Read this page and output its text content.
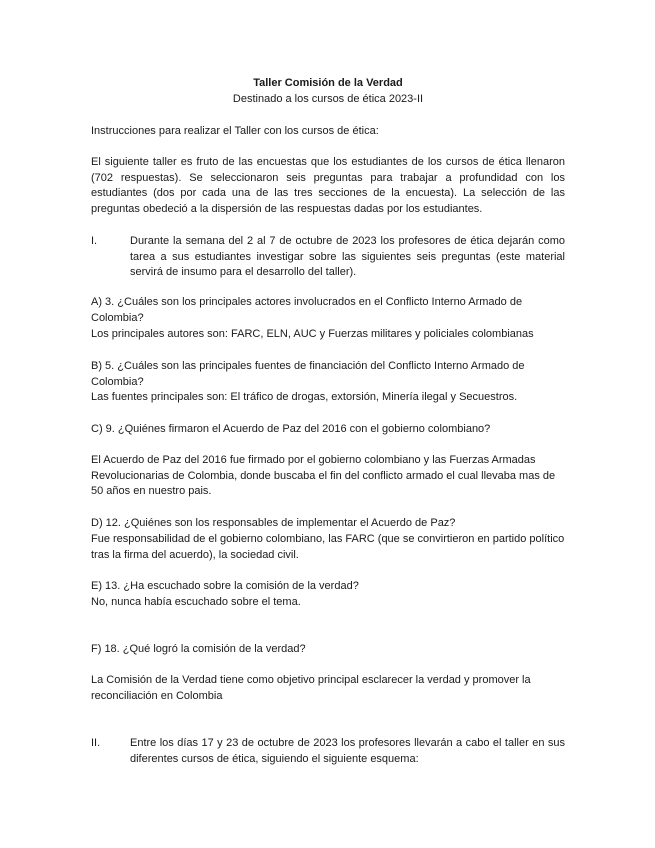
Taller Comisión de la Verdad
Destinado a los cursos de ética 2023-II
Instrucciones para realizar el Taller con los cursos de ética:

El siguiente taller es fruto de las encuestas que los estudiantes de los cursos de ética llenaron (702 respuestas). Se seleccionaron seis preguntas para trabajar a profundidad con los estudiantes (dos por cada una de las tres secciones de la encuesta). La selección de las preguntas obedeció a la dispersión de las respuestas dadas por los estudiantes.

I.	Durante la semana del 2 al 7 de octubre de 2023 los profesores de ética dejarán como tarea a sus estudiantes investigar sobre las siguientes seis preguntas (este material servirá de insumo para el desarrollo del taller).

A) 3. ¿Cuáles son los principales actores involucrados en el Conflicto Interno Armado de Colombia?
Los principales autores son: FARC, ELN, AUC y Fuerzas militares y policiales colombianas
B) 5. ¿Cuáles son las principales fuentes de financiación del Conflicto Interno Armado de Colombia?
Las fuentes principales son: El tráfico de drogas, extorsión, Minería ilegal y Secuestros.
C) 9. ¿Quiénes firmaron el Acuerdo de Paz del 2016 con el gobierno colombiano?
El Acuerdo de Paz del 2016 fue firmado por el gobierno colombiano y las Fuerzas Armadas Revolucionarias de Colombia, donde buscaba el fin del conflicto armado el cual llevaba mas de 50 años en nuestro pais.
D) 12. ¿Quiénes son los responsables de implementar el Acuerdo de Paz?
Fue responsabilidad de el gobierno colombiano, las FARC (que se convirtieron en partido político tras la firma del acuerdo), la sociedad civil.
E) 13. ¿Ha escuchado sobre la comisión de la verdad?
No, nunca había escuchado sobre el tema.
F) 18. ¿Qué logró la comisión de la verdad?
La Comisión de la Verdad tiene como objetivo principal esclarecer la verdad y promover la reconciliación en Colombia
II.	Entre los días 17 y 23 de octubre de 2023 los profesores llevarán a cabo el taller en sus diferentes cursos de ética, siguiendo el siguiente esquema:
